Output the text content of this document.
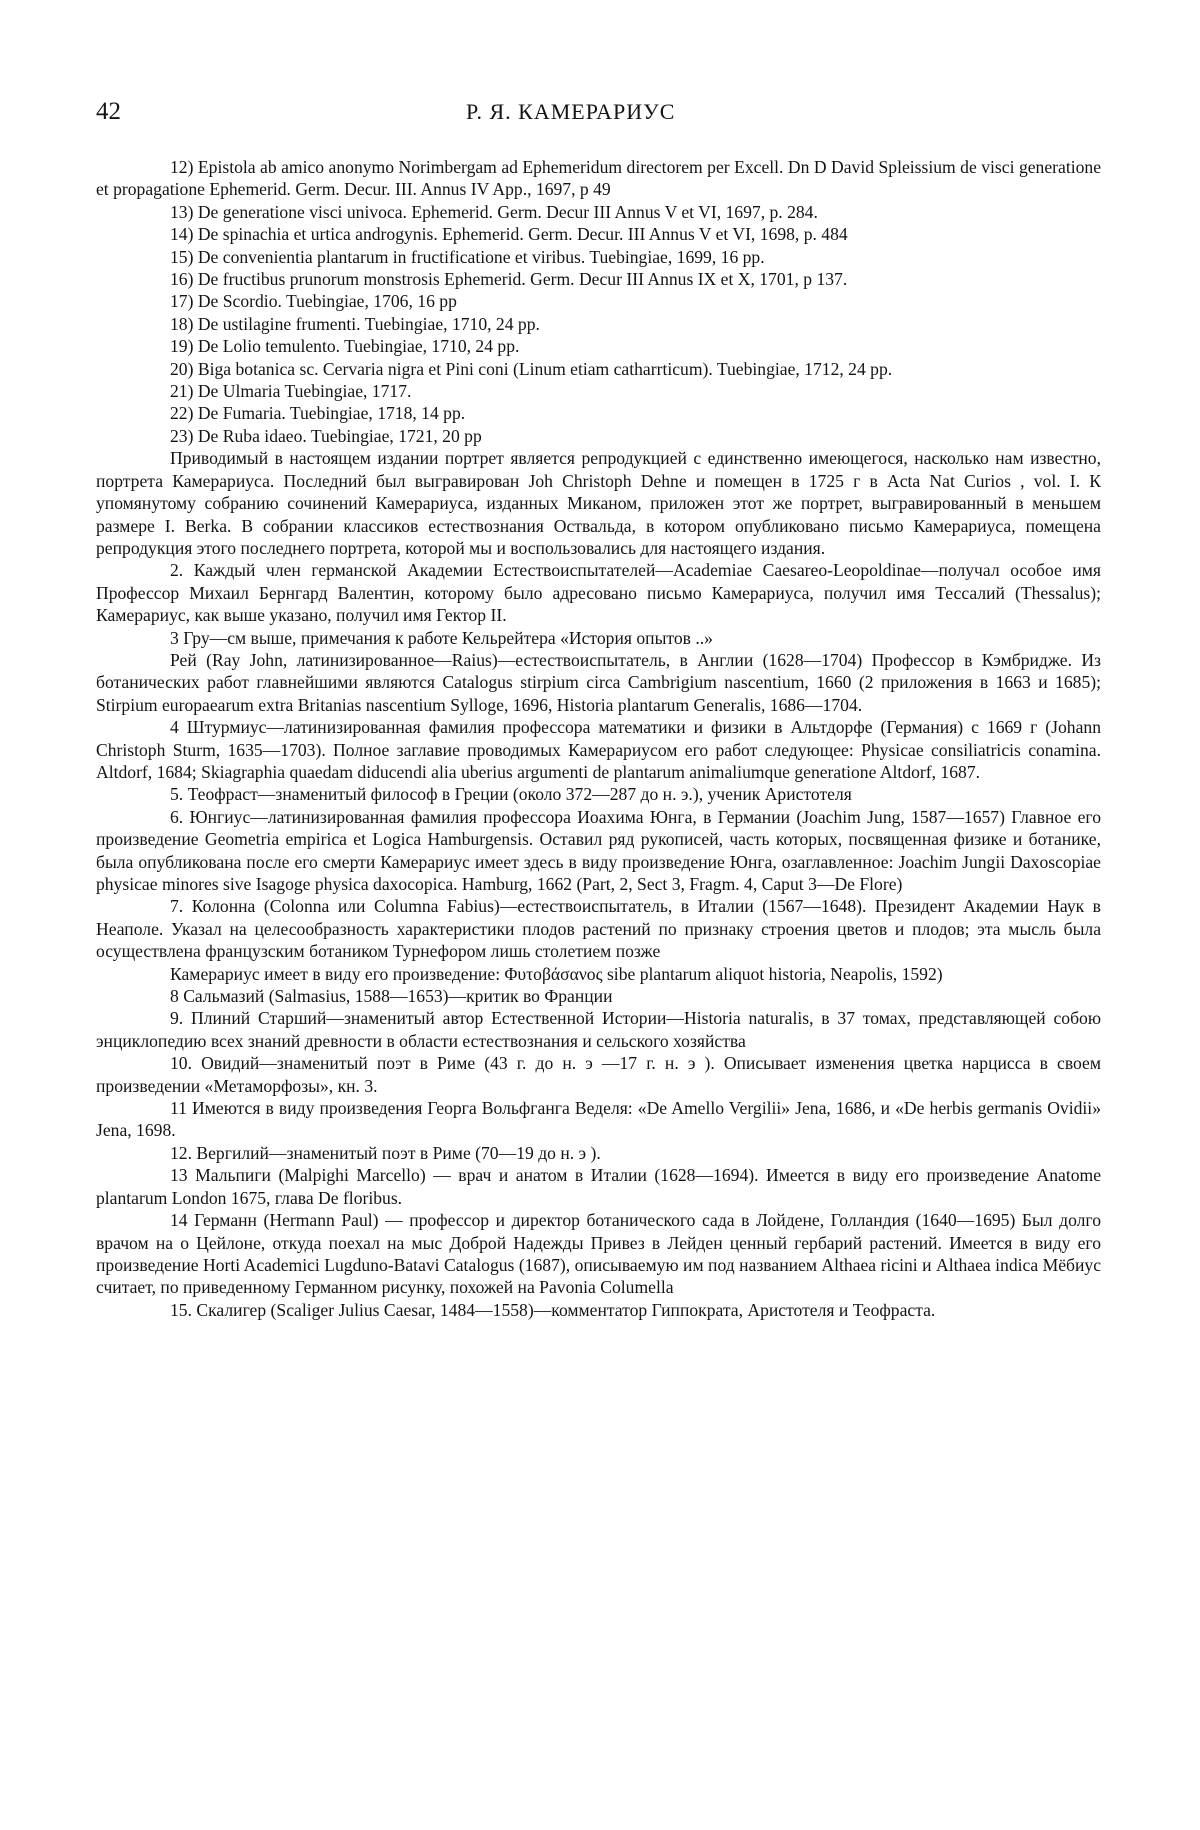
42	Р. Я. КАМЕРАРИУС

12) Epistola ab amico anonymo Norimbergam ad Ephemeridum directorem per Excell. Dn D David Spleissium de visci generatione et propagatione Ephemerid. Germ. Decur. III. Annus IV App., 1697, p 49

13) De generatione visci univoca. Ephemerid. Germ. Decur III Annus V et VI, 1697, p. 284.

14) De spinachia et urtica androgynis. Ephemerid. Germ. Decur. III Annus V et VI, 1698, p. 484

15) De convenientia plantarum in fructificatione et viribus. Tuebingiae, 1699, 16 pp.

16) De fructibus prunorum monstrosis Ephemerid. Germ. Decur III Annus IX et X, 1701, p 137.

17) De Scordio. Tuebingiae, 1706, 16 pp

18) De ustilagine frumenti. Tuebingiae, 1710, 24 pp.

19) De Lolio temulento. Tuebingiae, 1710, 24 pp.

20) Biga botanica sc. Cervaria nigra et Pini coni (Linum etiam catharrticum). Tuebingiae, 1712, 24 pp.

21) De Ulmaria Tuebingiae, 1717.

22) De Fumaria. Tuebingiae, 1718, 14 pp.

23) De Ruba idaeo. Tuebingiae, 1721, 20 pp

Приводимый в настоящем издании портрет является репродукцией с единственно имеющегося, насколько нам известно, портрета Камерариуса. Последний был выгравирован Joh Christoph Dehne и помещен в 1725 г в Acta Nat Curios , vol. I. К упомянутому собранию сочинений Камерариуса, изданных Миканом, приложен этот же портрет, выгравированный в меньшем размере I. Berka. В собрании классиков естествознания Оствальда, в котором опубликовано письмо Камерариуса, помещена репродукция этого последнего портрета, которой мы и воспользовались для настоящего издания.

2. Каждый член германской Академии Естествоиспытателей—Academiae Caesareo-Leopoldinae—получал особое имя Профессор Михаил Бернгард Валентин, которому было адресовано письмо Камерариуса, получил имя Тессалий (Thessalus); Камерариус, как выше указано, получил имя Гектор II.

3 Гру—см выше, примечания к работе Кельрейтера «История опытов ..»

Рей (Ray John, латинизированное—Raius)—естествоиспытатель, в Англии (1628—1704) Профессор в Кэмбридже. Из ботанических работ главнейшими являются Catalogus stirpium circa Cambrigium nascentium, 1660 (2 приложения в 1663 и 1685); Stirpium europaearum extra Britanias nascentium Sylloge, 1696, Historia plantarum Generalis, 1686—1704.

4 Штурмиус—латинизированная фамилия профессора математики и физики в Альтдорфе (Германия) с 1669 г (Johann Christoph Sturm, 1635—1703). Полное заглавие проводимых Камерариусом его работ следующее: Physicae consiliatricis conamina. Altdorf, 1684; Skiagraphia quaedam diducendi alia uberius argumenti de plantarum animaliumque generatione Altdorf, 1687.

5. Теофраст—знаменитый философ в Греции (около 372—287 до н. э.), ученик Аристотеля

6. Юнгиус—латинизированная фамилия профессора Иоахима Юнга, в Германии (Joachim Jung, 1587—1657) Главное его произведение Geometria empirica et Logica Hamburgensis. Оставил ряд рукописей, часть которых, посвященная физике и ботанике, была опубликована после его смерти Камерариус имеет здесь в виду произведение Юнга, озаглавленное: Joachim Jungii Daxoscopiae physicae minores sive Isagoge physica daxocopica. Hamburg, 1662 (Part, 2, Sect 3, Fragm. 4, Caput 3—De Flore)

7. Колонна (Colonna или Columna Fabius)—естествоиспытатель, в Италии (1567—1648). Президент Академии Наук в Неаполе. Указал на целесообразность характеристики плодов растений по признаку строения цветов и плодов; эта мысль была осуществлена французским ботаником Турнефором лишь столетием позже

Камерариус имеет в виду его произведение: Φυτοβάσανος sibe plantarum aliquot historia, Neapolis, 1592)

8 Сальмазий (Salmasius, 1588—1653)—критик во Франции

9. Плиний Старший—знаменитый автор Естественной Истории—Historia naturalis, в 37 томах, представляющей собою энциклопедию всех знаний древности в области естествознания и сельского хозяйства

10. Овидий—знаменитый поэт в Риме (43 г. до н. э —17 г. н. э ). Описывает изменения цветка нарцисса в своем произведении «Метаморфозы», кн. 3.

11 Имеются в виду произведения Георга Вольфганга Веделя: «De Amello Vergilii» Jena, 1686, и «De herbis germanis Ovidii» Jena, 1698.

12. Вергилий—знаменитый поэт в Риме (70—19 до н. э ).

13 Мальпиги (Malpighi Marcello) — врач и анатом в Италии (1628—1694). Имеется в виду его произведение Anatome plantarum London 1675, глава De floribus.

14 Германн (Hermann Paul) — профессор и директор ботанического сада в Лойдене, Голландия (1640—1695) Был долго врачом на о Цейлоне, откуда поехал на мыс Доброй Надежды Привез в Лейден ценный гербарий растений. Имеется в виду его произведение Horti Academici Lugduno-Batavi Catalogus (1687), описываемую им под названием Althaea ricini и Althaea indica Мёбиус считает, по приведенному Германном рисунку, похожей на Pavonia Columella

15. Скалигер (Scaliger Julius Caesar, 1484—1558)—комментатор Гиппократа, Аристотеля и Теофраста.
